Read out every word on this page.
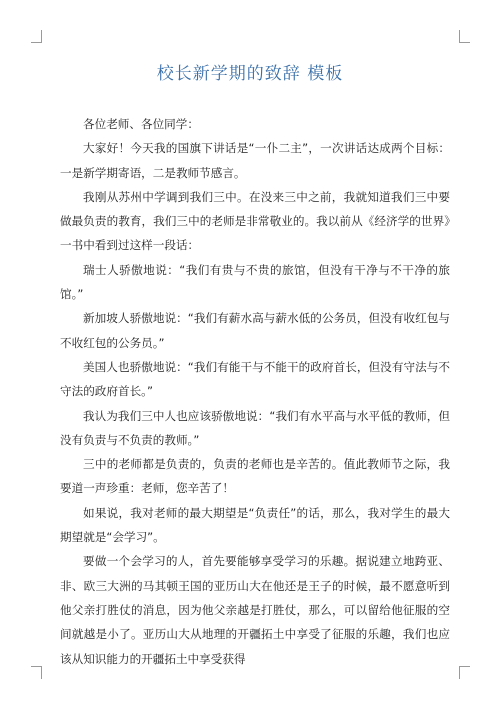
校长新学期的致辞 模板

各位老师、各位同学：

大家好！今天我的国旗下讲话是“一仆二主”，一次讲话达成两个目标：一是新学期寄语，二是教师节感言。

我刚从苏州中学调到我们三中。在没来三中之前，我就知道我们三中要做最负责的教育，我们三中的老师是非常敬业的。我以前从《经济学的世界》一书中看到过这样一段话：

瑞士人骄傲地说：“我们有贵与不贵的旅馆，但没有干净与不干净的旅馆。”

新加坡人骄傲地说：“我们有薪水高与薪水低的公务员，但没有收红包与不收红包的公务员。”

美国人也骄傲地说：“我们有能干与不能干的政府首长，但没有守法与不守法的政府首长。”

我认为我们三中人也应该骄傲地说：“我们有水平高与水平低的教师，但没有负责与不负责的教师。”

三中的老师都是负责的，负责的老师也是辛苦的。值此教师节之际，我要道一声珍重：老师，您辛苦了！

如果说，我对老师的最大期望是“负责任”的话，那么，我对学生的最大期望就是“会学习”。

要做一个会学习的人，首先要能够享受学习的乐趣。据说建立地跨亚、非、欧三大洲的马其顿王国的亚历山大在他还是王子的时候，最不愿意听到他父亲打胜仗的消息，因为他父亲越是打胜仗，那么，可以留给他征服的空间就越是小了。亚历山大从地理的开疆拓土中享受了征服的乐趣，我们也应该从知识能力的开疆拓土中享受获得
